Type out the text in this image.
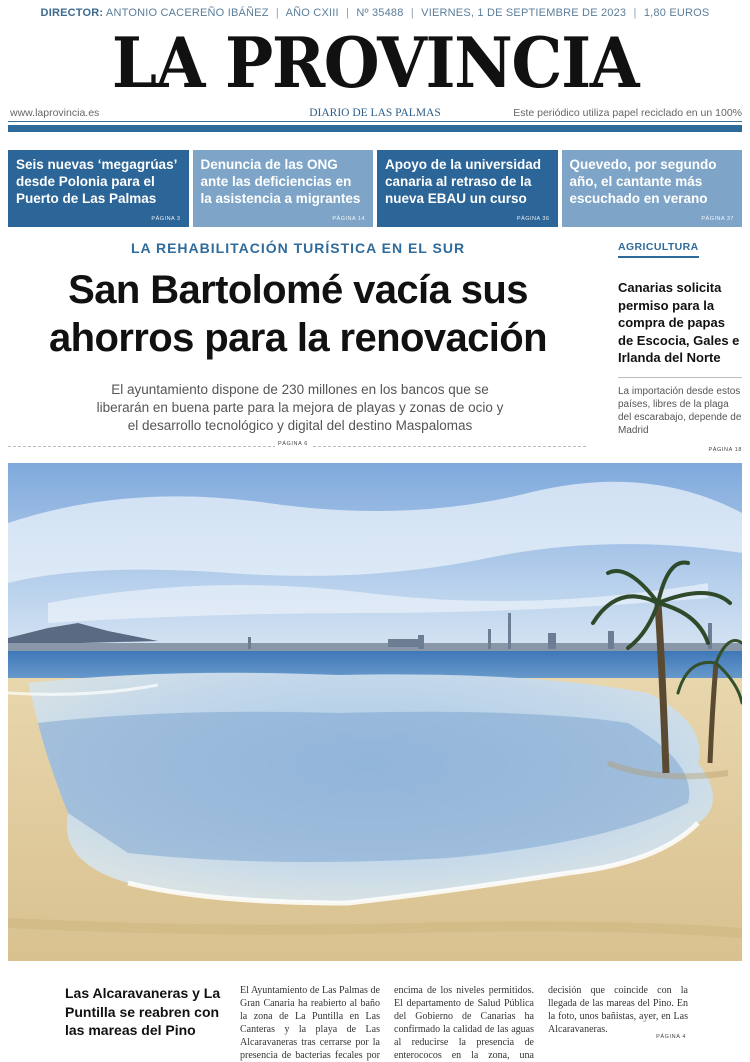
DIRECTOR: ANTONIO CACEREÑO IBÁÑEZ | AÑO CXIII | Nº 35488 | VIERNES, 1 DE SEPTIEMBRE DE 2023 | 1,80 EUROS
LA PROVINCIA
www.laprovincia.es	DIARIO DE LAS PALMAS	Este periódico utiliza papel reciclado en un 100%
Seis nuevas ‘megagrúas’ desde Polonia para el Puerto de Las Palmas
PÁGINA 3
Denuncia de las ONG ante las deficiencias en la asistencia a migrantes
PÁGINA 14
Apoyo de la universidad canaria al retraso de la nueva EBAU un curso
PÁGINA 36
Quevedo, por segundo año, el cantante más escuchado en verano
PÁGINA 37
LA REHABILITACIÓN TURÍSTICA EN EL SUR
San Bartolomé vacía sus ahorros para la renovación
El ayuntamiento dispone de 230 millones en los bancos que se liberarán en buena parte para la mejora de playas y zonas de ocio y el desarrollo tecnológico y digital del destino Maspalomas
PÁGINA 6
AGRICULTURA
Canarias solicita permiso para la compra de papas de Escocia, Gales e Irlanda del Norte
La importación desde estos países, libres de la plaga del escarabajo, depende de Madrid
PÁGINA 18
Las Alcaravaneras y La Puntilla se reabren con las mareas del Pino
El Ayuntamiento de Las Palmas de Gran Canaria ha reabierto al baño la zona de La Puntilla en Las Canteras y la playa de Las Alcaravaneras tras cerrarse por la presencia de bacterias fecales por encima de los niveles permitidos. El departamento de Salud Pública del Gobierno de Canarias ha confirmado la calidad de las aguas al reducirse la presencia de enterococos en la zona, una decisión que coincide con la llegada de las mareas del Pino. En la foto, unos bañistas, ayer, en Las Alcaravaneras.
PÁGINA 4
